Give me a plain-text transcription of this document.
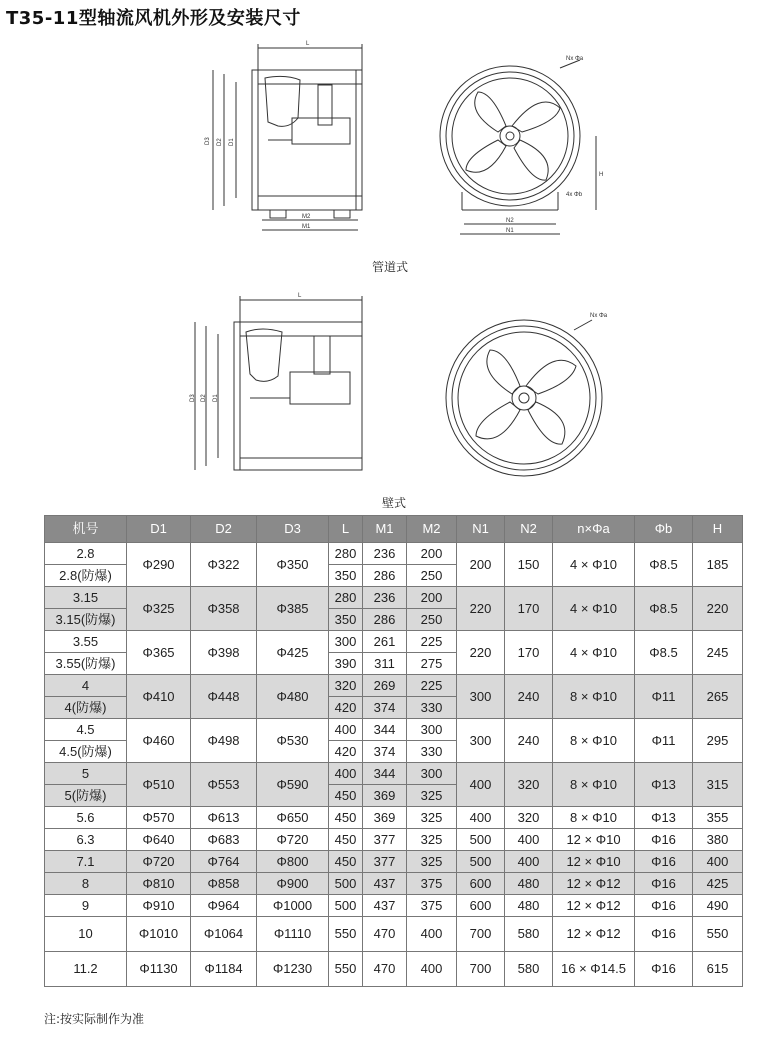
T35-11型轴流风机外形及安装尺寸
L
D3 D2 D1
M2
M1
N2
N1
H
Nx Φa
4x Φb
L
D3 D2 D1
Nx Φa
管道式
壁式
机号	D1	D2	D3	L	M1	M2	N1	N2	n×Φa	Φb	H
2.8	Φ290	Φ322	Φ350	280	236	200	200	150	4 × Φ10	Φ8.5	185
2.8(防爆)				350	286	250					
3.15	Φ325	Φ358	Φ385	280	236	200	220	170	4 × Φ10	Φ8.5	220
3.15(防爆)				350	286	250					
3.55	Φ365	Φ398	Φ425	300	261	225	220	170	4 × Φ10	Φ8.5	245
3.55(防爆)				390	311	275					
4	Φ410	Φ448	Φ480	320	269	225	300	240	8 × Φ10	Φ11	265
4(防爆)				420	374	330					
4.5	Φ460	Φ498	Φ530	400	344	300	300	240	8 × Φ10	Φ11	295
4.5(防爆)				420	374	330					
5	Φ510	Φ553	Φ590	400	344	300	400	320	8 × Φ10	Φ13	315
5(防爆)				450	369	325					
5.6	Φ570	Φ613	Φ650	450	369	325	400	320	8 × Φ10	Φ13	355
6.3	Φ640	Φ683	Φ720	450	377	325	500	400	12 × Φ10	Φ16	380
7.1	Φ720	Φ764	Φ800	450	377	325	500	400	12 × Φ10	Φ16	400
8	Φ810	Φ858	Φ900	500	437	375	600	480	12 × Φ12	Φ16	425
9	Φ910	Φ964	Φ1000	500	437	375	600	480	12 × Φ12	Φ16	490
10	Φ1010	Φ1064	Φ1110	550	470	400	700	580	12 × Φ12	Φ16	550
11.2	Φ1130	Φ1184	Φ1230	550	470	400	700	580	16 × Φ14.5	Φ16	615
注:按实际制作为准
